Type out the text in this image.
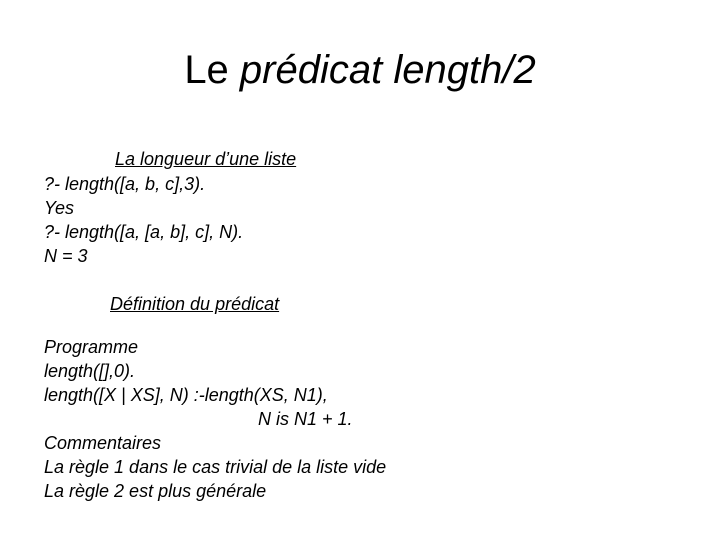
Le prédicat length/2
La longueur d’une liste
?- length([a, b, c],3).
Yes
?- length([a, [a, b], c], N).
N = 3
Définition du prédicat
Programme
length([],0).
length([X | XS], N) :-length(XS, N1),
N is N1 + 1.
Commentaires
La règle 1 dans le cas trivial de la liste vide
La règle 2 est plus générale
